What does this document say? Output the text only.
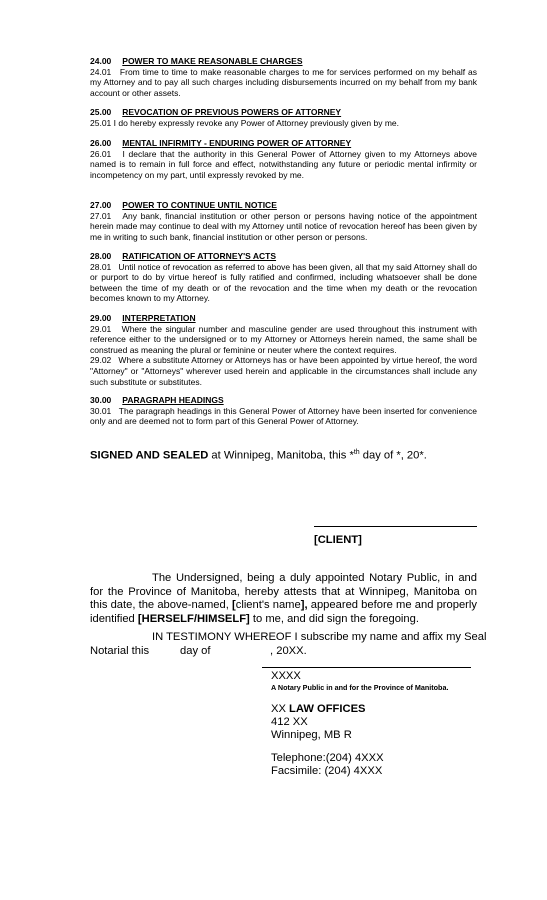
24.00 POWER TO MAKE REASONABLE CHARGES

24.01   From time to time to make reasonable charges to me for services performed on my behalf as my Attorney and to pay all such charges including disbursements incurred on my behalf from my bank account or other assets.

25.00 REVOCATION OF PREVIOUS POWERS OF ATTORNEY

25.01 I do hereby expressly revoke any Power of Attorney previously given by me.

26.00 MENTAL INFIRMITY - ENDURING POWER OF ATTORNEY

26.01   I declare that the authority in this General Power of Attorney given to my Attorneys above named is to remain in full force and effect, notwithstanding any future or periodic mental infirmity or incompetency on my part, until expressly revoked by me.

27.00 POWER TO CONTINUE UNTIL NOTICE

27.01   Any bank, financial institution or other person or persons having notice of the appointment herein made may continue to deal with my Attorney until notice of revocation hereof has been given by me in writing to such bank, financial institution or other person or persons.

28.00 RATIFICATION OF ATTORNEY'S ACTS

28.01   Until notice of revocation as referred to above has been given, all that my said Attorney shall do or purport to do by virtue hereof is fully ratified and confirmed, including whatsoever shall be done between the time of my death or of the revocation and the time when my death or the revocation becomes known to my Attorney.

29.00 INTERPRETATION

29.01   Where the singular number and masculine gender are used throughout this instrument with reference either to the undersigned or to my Attorney or Attorneys herein named, the same shall be construed as meaning the plural or feminine or neuter where the context requires.

29.02   Where a substitute Attorney or Attorneys has or have been appointed by virtue hereof, the word "Attorney" or "Attorneys" wherever used herein and applicable in the circumstances shall include any such substitute or substitutes.

30.00 PARAGRAPH HEADINGS

30.01   The paragraph headings in this General Power of Attorney have been inserted for convenience only and are deemed not to form part of this General Power of Attorney.

SIGNED AND SEALED at Winnipeg, Manitoba, this *$^{th}$ day of *, 20*.
[CLIENT]
The Undersigned, being a duly appointed Notary Public, in and for the Province of Manitoba, hereby attests that at Winnipeg, Manitoba on this date, the above-named, [client's name], appeared before me and properly identified [HERSELF/HIMSELF] to me, and did sign the foregoing.
IN TESTIMONY WHEREOF I subscribe my name and affix my Seal
Notarial this	day of	, 20XX.
XXXX
A Notary Public in and for the Province of Manitoba.
XX LAW OFFICES
412 XX
Winnipeg, MB R
Telephone:(204) 4XXX
Facsimile: (204) 4XXX
